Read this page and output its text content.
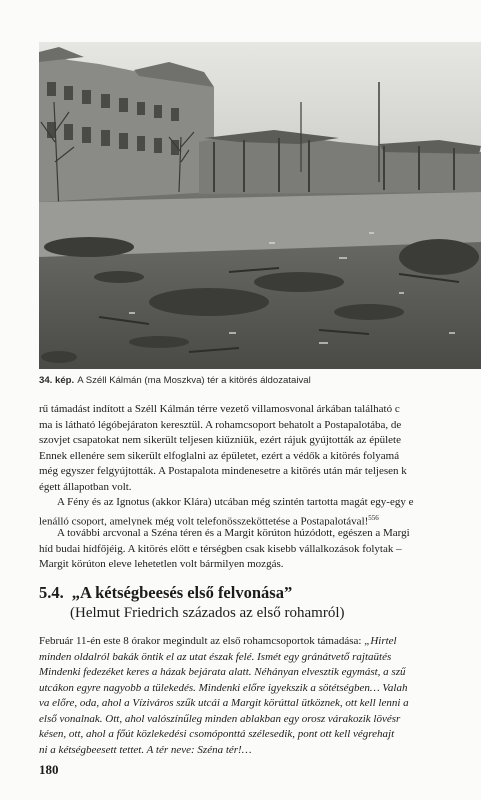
34. kép. A Széll Kálmán (ma Moszkva) tér a kitörés áldozataival
rű támadást indított a Széll Kálmán térre vezető villamosvonal árkában található c
ma is látható légóbejáraton keresztül. A rohamcsoport behatolt a Postapalotába, de
szovjet csapatokat nem sikerült teljesen kiűzniük, ezért rájuk gyújtották az épülete
Ennek ellenére sem sikerült elfoglalni az épületet, ezért a védők a kitörés folyamá
még egyszer felgyújtották. A Postapalota mindenesetre a kitörés után már teljesen k
égett állapotban volt.
A Fény és az Ignotus (akkor Klára) utcában még szintén tartotta magát egy-egy e
lenálló csoport, amelynek még volt telefonösszeköttetése a Postapalotával!$^{556}$
A további arcvonal a Széna téren és a Margit körúton húzódott, egészen a Margi
híd budai hídfőjéig. A kitörés előtt e térségben csak kisebb vállalkozások folytak –
Margit körúton eleve lehetetlen volt bármilyen mozgás.
5.4. „A kétségbeesés első felvonása”
(Helmut Friedrich százados az első rohamról)
Február 11-én este 8 órakor megindult az első rohamcsoportok támadása: „Hirtel
minden oldalról bakák öntik el az utat észak felé. Ismét egy gránátvető rajtaütés
Mindenki fedezéket keres a házak bejárata alatt. Néhányan elvesztik egymást, a szű
utcákon egyre nagyobb a tülekedés. Mindenki előre igyekszik a sötétségben… Valah
va előre, oda, ahol a Víziváros szűk utcái a Margit körúttal ütköznek, ott kell lenni a
első vonalnak. Ott, ahol valószínűleg minden ablakban egy orosz várakozik lövésr
késen, ott, ahol a főút közlekedési csomóponttá szélesedik, pont ott kell végrehajt
ni a kétségbeesett tettet. A tér neve: Széna tér!…
180
